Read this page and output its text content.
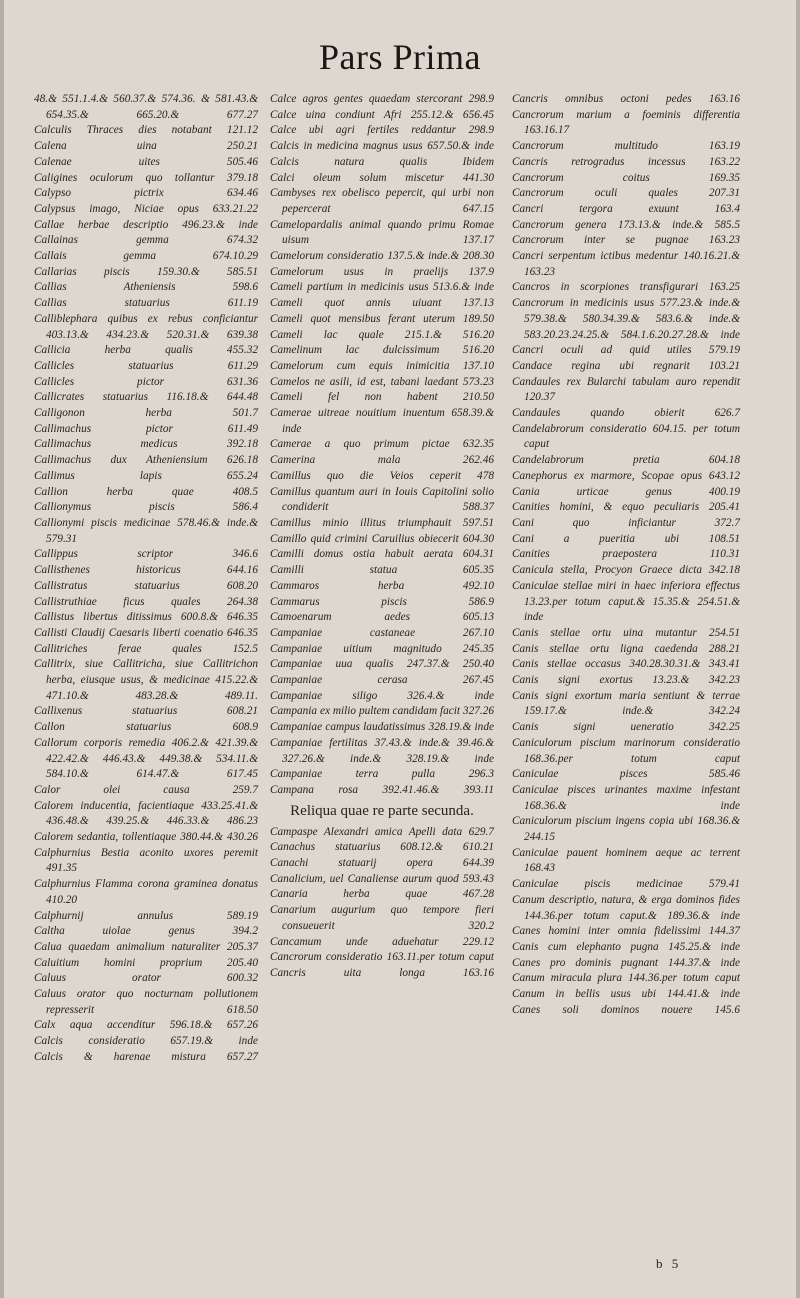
Pars Prima
48.& 551.1.4.& 560.37.& 574.36. & 581.43.& 654.35.& 665.20.& 677.27
Calculis Thraces dies notabant 121.12
Calena uina 250.21
Calenae uites 505.46
Caligines oculorum quo tollantur 379.18
Calypso pictrix 634.46
Calypsus imago, Niciae opus 633.21.22
Callae herbae descriptio 496.23.& inde
Callainas gemma 674.32
Callais gemma 674.10.29
Callarias piscis 159.30.& 585.51
Callias Atheniensis 598.6
Callias statuarius 611.19
Calliblephara quibus ex rebus conficiantur 403.13.& 434.23.& 520.31.& 639.38
Callicia herba qualis 455.32
Callicles statuarius 611.29
Callicles pictor 631.36
Callicrates statuarius 116.18.& 644.48
Calligonon herba 501.7
Callimachus pictor 611.49
Callimachus medicus 392.18
Callimachus dux Atheniensium 626.18
Callimus lapis 655.24
Callion herba quae 408.5
Callionymus piscis 586.4
Callionymi piscis medicinae 578.46.& inde.& 579.31
Callippus scriptor 346.6
Callisthenes historicus 644.16
Callistratus statuarius 608.20
Callistruthiae ficus quales 264.38
Callistus libertus ditissimus 600.8.& 646.35
Callisti Claudij Caesaris liberti coenatio 646.35
Callitriches ferae quales 152.5
Callitrix, siue Callitricha, siue Callitrichon herba, eiusque usus, & medicinae 415.22.& 471.10.& 483.28.& 489.11.
Callixenus statuarius 608.21
Callon statuarius 608.9
Callorum corporis remedia 406.2.& 421.39.& 422.42.& 446.43.& 449.38.& 534.11.& 584.10.& 614.47.& 617.45
Calor olei causa 259.7
Calorem inducentia, facientiaque 433.25.41.& 436.48.& 439.25.& 446.33.& 486.23
Calorem sedantia, tollentiaque 380.44.& 430.26
Calphurnius Bestia aconito uxores peremit 491.35
Calphurnius Flamma corona graminea donatus 410.20
Calphurnij annulus 589.19
Caltha uiolae genus 394.2
Calua quaedam animalium naturaliter 205.37
Caluitium homini proprium 205.40
Caluus orator 600.32
Caluus orator quo nocturnam pollutionem represserit 618.50
Calx aqua accenditur 596.18.& 657.26
Calcis consideratio 657.19.& inde
Calcis & harenae mistura 657.27
Calce agros gentes quaedam stercorant 298.9
Calce uina condiunt Afri 255.12.& 656.45
Calce ubi agri fertiles reddantur 298.9
Calcis in medicina magnus usus 657.50.& inde
Calcis natura qualis Ibidem
Calci oleum solum miscetur 441.30
Cambyses rex obelisco pepercit, qui urbi non pepercerat 647.15
Camelopardalis animal quando primu Romae uisum 137.17
Camelorum consideratio 137.5.& inde.& 208.30
Camelorum usus in praelijs 137.9
Cameli partium in medicinis usus 513.6.& inde
Cameli quot annis uiuant 137.13
Cameli quot mensibus ferant uterum 189.50
Cameli lac quale 215.1.& 516.20
Camelinum lac dulcissimum 516.20
Camelorum cum equis inimicitia 137.10
Camelos ne asili, id est, tabani laedant 573.23
Cameli fel non habent 210.50
Camerae uitreae nouitium inuentum 658.39.& inde
Camerae a quo primum pictae 632.35
Camerina mala 262.46
Camillus quo die Veios ceperit 478
Camillus quantum auri in Iouis Capitolini solio condiderit 588.37
Camillus minio illitus triumphauit 597.51
Camillo quid crimini Caruilius obiecerit 604.30
Camilli domus ostia habuit aerata 604.31
Camilli statua 605.35
Cammaros herba 492.10
Cammarus piscis 586.9
Camoenarum aedes 605.13
Campaniae castaneae 267.10
Campaniae uitium magnitudo 245.35
Campaniae uua qualis 247.37.& 250.40
Campaniae cerasa 267.45
Campaniae siligo 326.4.& inde
Campania ex milio pultem candidam facit 327.26
Campaniae campus laudatissimus 328.19.& inde
Campaniae fertilitas 37.43.& inde.& 39.46.& 327.26.& inde.& 328.19.& inde
Campaniae terra pulla 296.3
Campana rosa 392.41.46.& 393.11
Reliqua quae re parte secunda.
Campaspe Alexandri amica Apelli data 629.7
Canachus statuarius 608.12.& 610.21
Canachi statuarij opera 644.39
Canalicium, uel Canaliense aurum quod 593.43
Canaria herba quae 467.28
Canarium augurium quo tempore fieri consueuerit 320.2
Cancamum unde aduehatur 229.12
Cancrorum consideratio 163.11.per totum caput
Cancris uita longa 163.16
Cancris omnibus octoni pedes 163.16
Cancrorum marium a foeminis differentia 163.16.17
Cancrorum multitudo 163.19
Cancris retrogradus incessus 163.22
Cancrorum coitus 169.35
Cancrorum oculi quales 207.31
Cancri tergora exuunt 163.4
Cancrorum genera 173.13.& inde.& 585.5
Cancrorum inter se pugnae 163.23
Cancri serpentum ictibus medentur 140.16.21.& 163.23
Cancros in scorpiones transfigurari 163.25
Cancrorum in medicinis usus 577.23.& inde.& 579.38.& 580.34.39.& 583.6.& inde.& 583.20.23.24.25.& 584.1.6.20.27.28.& inde
Cancri oculi ad quid utiles 579.19
Candace regina ubi regnarit 103.21
Candaules rex Bularchi tabulam auro rependit 120.37
Candaules quando obierit 626.7
Candelabrorum consideratio 604.15. per totum caput
Candelabrorum pretia 604.18
Canephorus ex marmore, Scopae opus 643.12
Cania urticae genus 400.19
Canities homini, & equo peculiaris 205.41
Cani quo inficiantur 372.7
Cani a pueritia ubi 108.51
Canities praepostera 110.31
Canicula stella, Procyon Graece dicta 342.18
Caniculae stellae miri in haec inferiora effectus 13.23.per totum caput.& 15.35.& 254.51.& inde
Canis stellae ortu uina mutantur 254.51
Canis stellae ortu ligna caedenda 288.21
Canis stellae occasus 340.28.30.31.& 343.41
Canis signi exortus 13.23.& 342.23
Canis signi exortum maria sentiunt & terrae 159.17.& inde.& 342.24
Canis signi ueneratio 342.25
Caniculorum piscium marinorum consideratio 168.36.per totum caput
Caniculae pisces 585.46
Caniculae pisces urinantes maxime infestant 168.36.& inde
Caniculorum piscium ingens copia ubi 168.36.& 244.15
Caniculae pauent hominem aeque ac terrent 168.43
Caniculae piscis medicinae 579.41
Canum descriptio, natura, & erga dominos fides 144.36.per totum caput.& 189.36.& inde
Canes homini inter omnia fidelissimi 144.37
Canis cum elephanto pugna 145.25.& inde
Canes pro dominis pugnant 144.37.& inde
Canum miracula plura 144.36.per totum caput
Canum in bellis usus ubi 144.41.& inde
Canes soli dominos nouere 145.6
b 5
